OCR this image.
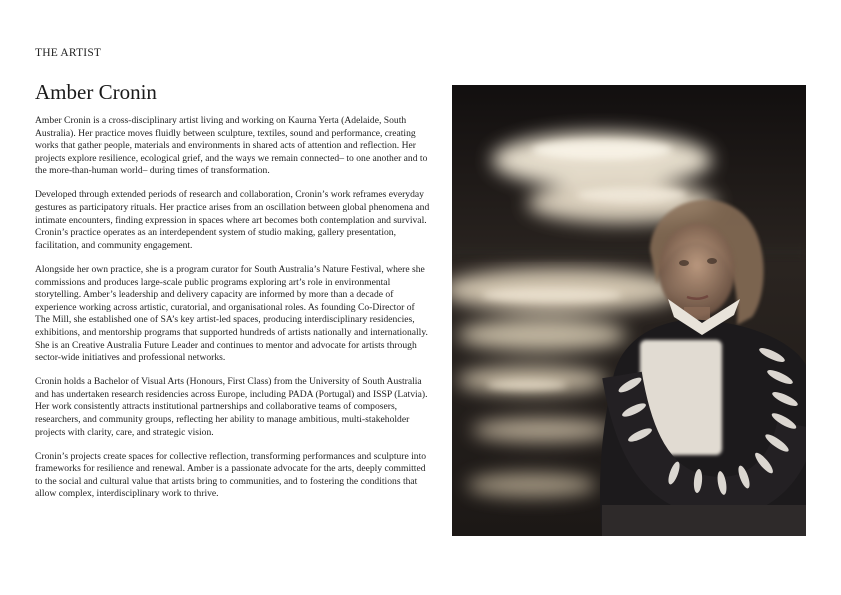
THE ARTIST
Amber Cronin

Amber Cronin is a cross-disciplinary artist living and working on Kaurna Yerta (Adelaide, South Australia). Her practice moves fluidly between sculpture, textiles, sound and performance, creating works that gather people, materials and environments in shared acts of attention and reflection. Her projects explore resilience, ecological grief, and the ways we remain connected– to one another and to the more-than-human world– during times of transformation.

Developed through extended periods of research and collaboration, Cronin’s work reframes everyday gestures as participatory rituals. Her practice arises from an oscillation between global phenomena and intimate encounters, finding expression in spaces where art becomes both contemplation and survival. Cronin’s practice operates as an interdependent system of studio making, gallery presentation, facilitation, and community engagement.

Alongside her own practice, she is a program curator for South Australia’s Nature Festival, where she commissions and produces large-scale public programs exploring art’s role in environmental storytelling. Amber’s leadership and delivery capacity are informed by more than a decade of experience working across artistic, curatorial, and organisational roles. As founding Co-Director of The Mill, she established one of SA’s key artist-led spaces, producing interdisciplinary residencies, exhibitions, and mentorship programs that supported hundreds of artists nationally and internationally. She is an Creative Australia Future Leader and continues to mentor and advocate for artists through sector-wide initiatives and professional networks.

Cronin holds a Bachelor of Visual Arts (Honours, First Class) from the University of South Australia and has undertaken research residencies across Europe, including PADA (Portugal) and ISSP (Latvia). Her work consistently attracts institutional partnerships and collaborative teams of composers, researchers, and community groups, reflecting her ability to manage ambitious, multi-stakeholder projects with clarity, care, and strategic vision.

Cronin’s projects create spaces for collective reflection, transforming performances and sculpture into frameworks for resilience and renewal. Amber is a passionate advocate for the arts, deeply committed to the social and cultural value that artists bring to communities, and to fostering the conditions that allow complex, interdisciplinary work to thrive.
